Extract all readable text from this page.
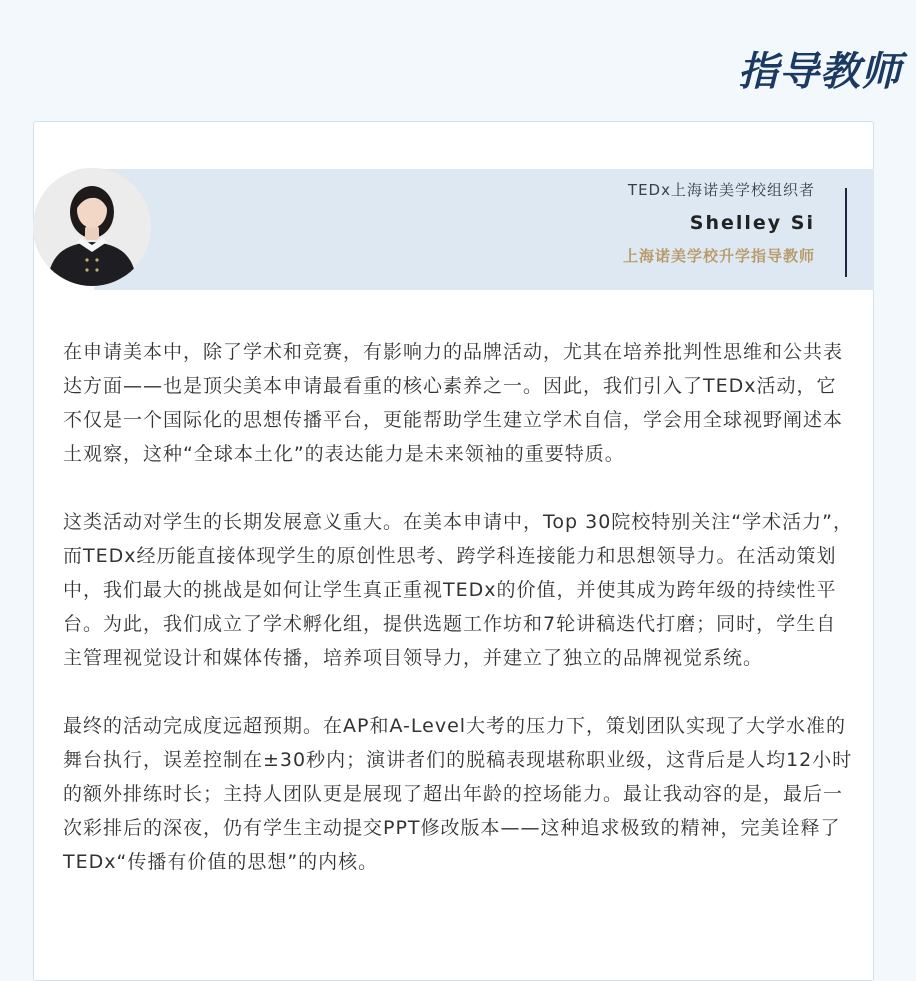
指导教师
TEDx上海诺美学校组织者
Shelley Si
上海诺美学校升学指导教师

在申请美本中，除了学术和竞赛，有影响力的品牌活动，尤其在培养批判性思维和公共表达方面——也是顶尖美本申请最看重的核心素养之一。因此，我们引入了TEDx活动，它不仅是一个国际化的思想传播平台，更能帮助学生建立学术自信，学会用全球视野阐述本土观察，这种“全球本土化”的表达能力是未来领袖的重要特质。

这类活动对学生的长期发展意义重大。在美本申请中，Top 30院校特别关注“学术活力”，而TEDx经历能直接体现学生的原创性思考、跨学科连接能力和思想领导力。在活动策划中，我们最大的挑战是如何让学生真正重视TEDx的价值，并使其成为跨年级的持续性平台。为此，我们成立了学术孵化组，提供选题工作坊和7轮讲稿迭代打磨；同时，学生自主管理视觉设计和媒体传播，培养项目领导力，并建立了独立的品牌视觉系统。

最终的活动完成度远超预期。在AP和A-Level大考的压力下，策划团队实现了大学水准的舞台执行，误差控制在±30秒内；演讲者们的脱稿表现堪称职业级，这背后是人均12小时的额外排练时长；主持人团队更是展现了超出年龄的控场能力。最让我动容的是，最后一次彩排后的深夜，仍有学生主动提交PPT修改版本——这种追求极致的精神，完美诠释了TEDx“传播有价值的思想”的内核。
